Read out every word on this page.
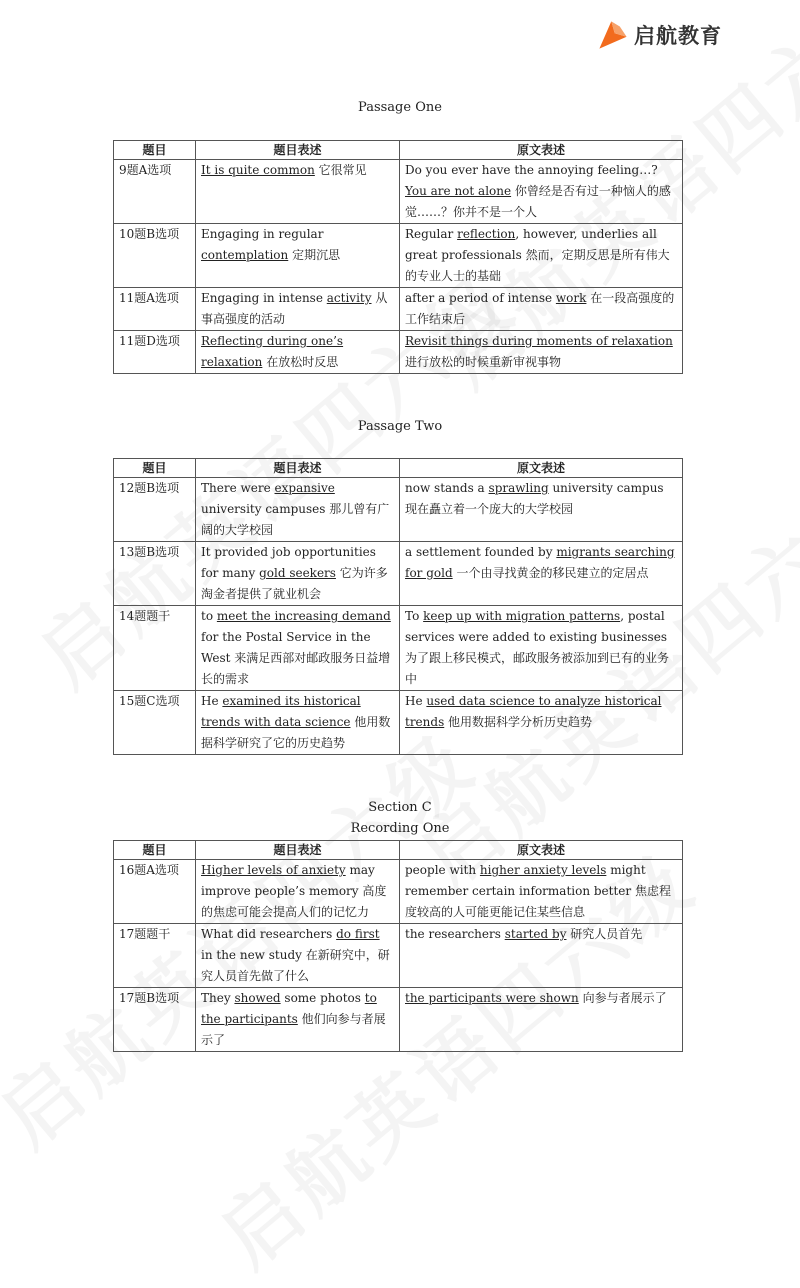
启航教育
Passage One
题目	题目表述	原文表述
9题A选项	It is quite common 它很常见	Do you ever have the annoying feeling…? You are not alone 你曾经是否有过一种恼人的感觉……？你并不是一个人
10题B选项	Engaging in regular contemplation 定期沉思	Regular reflection, however, underlies all great professionals 然而，定期反思是所有伟大的专业人士的基础
11题A选项	Engaging in intense activity 从事高强度的活动	after a period of intense work 在一段高强度的工作结束后
11题D选项	Reflecting during one’s relaxation 在放松时反思	Revisit things during moments of relaxation 进行放松的时候重新审视事物
Passage Two
题目	题目表述	原文表述
12题B选项	There were expansive university campuses 那儿曾有广阔的大学校园	now stands a sprawling university campus 现在矗立着一个庞大的大学校园
13题B选项	It provided job opportunities for many gold seekers 它为许多淘金者提供了就业机会	a settlement founded by migrants searching for gold 一个由寻找黄金的移民建立的定居点
14题题干	to meet the increasing demand for the Postal Service in the West 来满足西部对邮政服务日益增长的需求	To keep up with migration patterns, postal services were added to existing businesses 为了跟上移民模式，邮政服务被添加到已有的业务中
15题C选项	He examined its historical trends with data science 他用数据科学研究了它的历史趋势	He used data science to analyze historical trends 他用数据科学分析历史趋势
Section C
Recording One
题目	题目表述	原文表述
16题A选项	Higher levels of anxiety may improve people’s memory 高度的焦虑可能会提高人们的记忆力	people with higher anxiety levels might remember certain information better 焦虑程度较高的人可能更能记住某些信息
17题题干	What did researchers do first in the new study 在新研究中，研究人员首先做了什么	the researchers started by 研究人员首先
17题B选项	They showed some photos to the participants 他们向参与者展示了	the participants were shown 向参与者展示了
